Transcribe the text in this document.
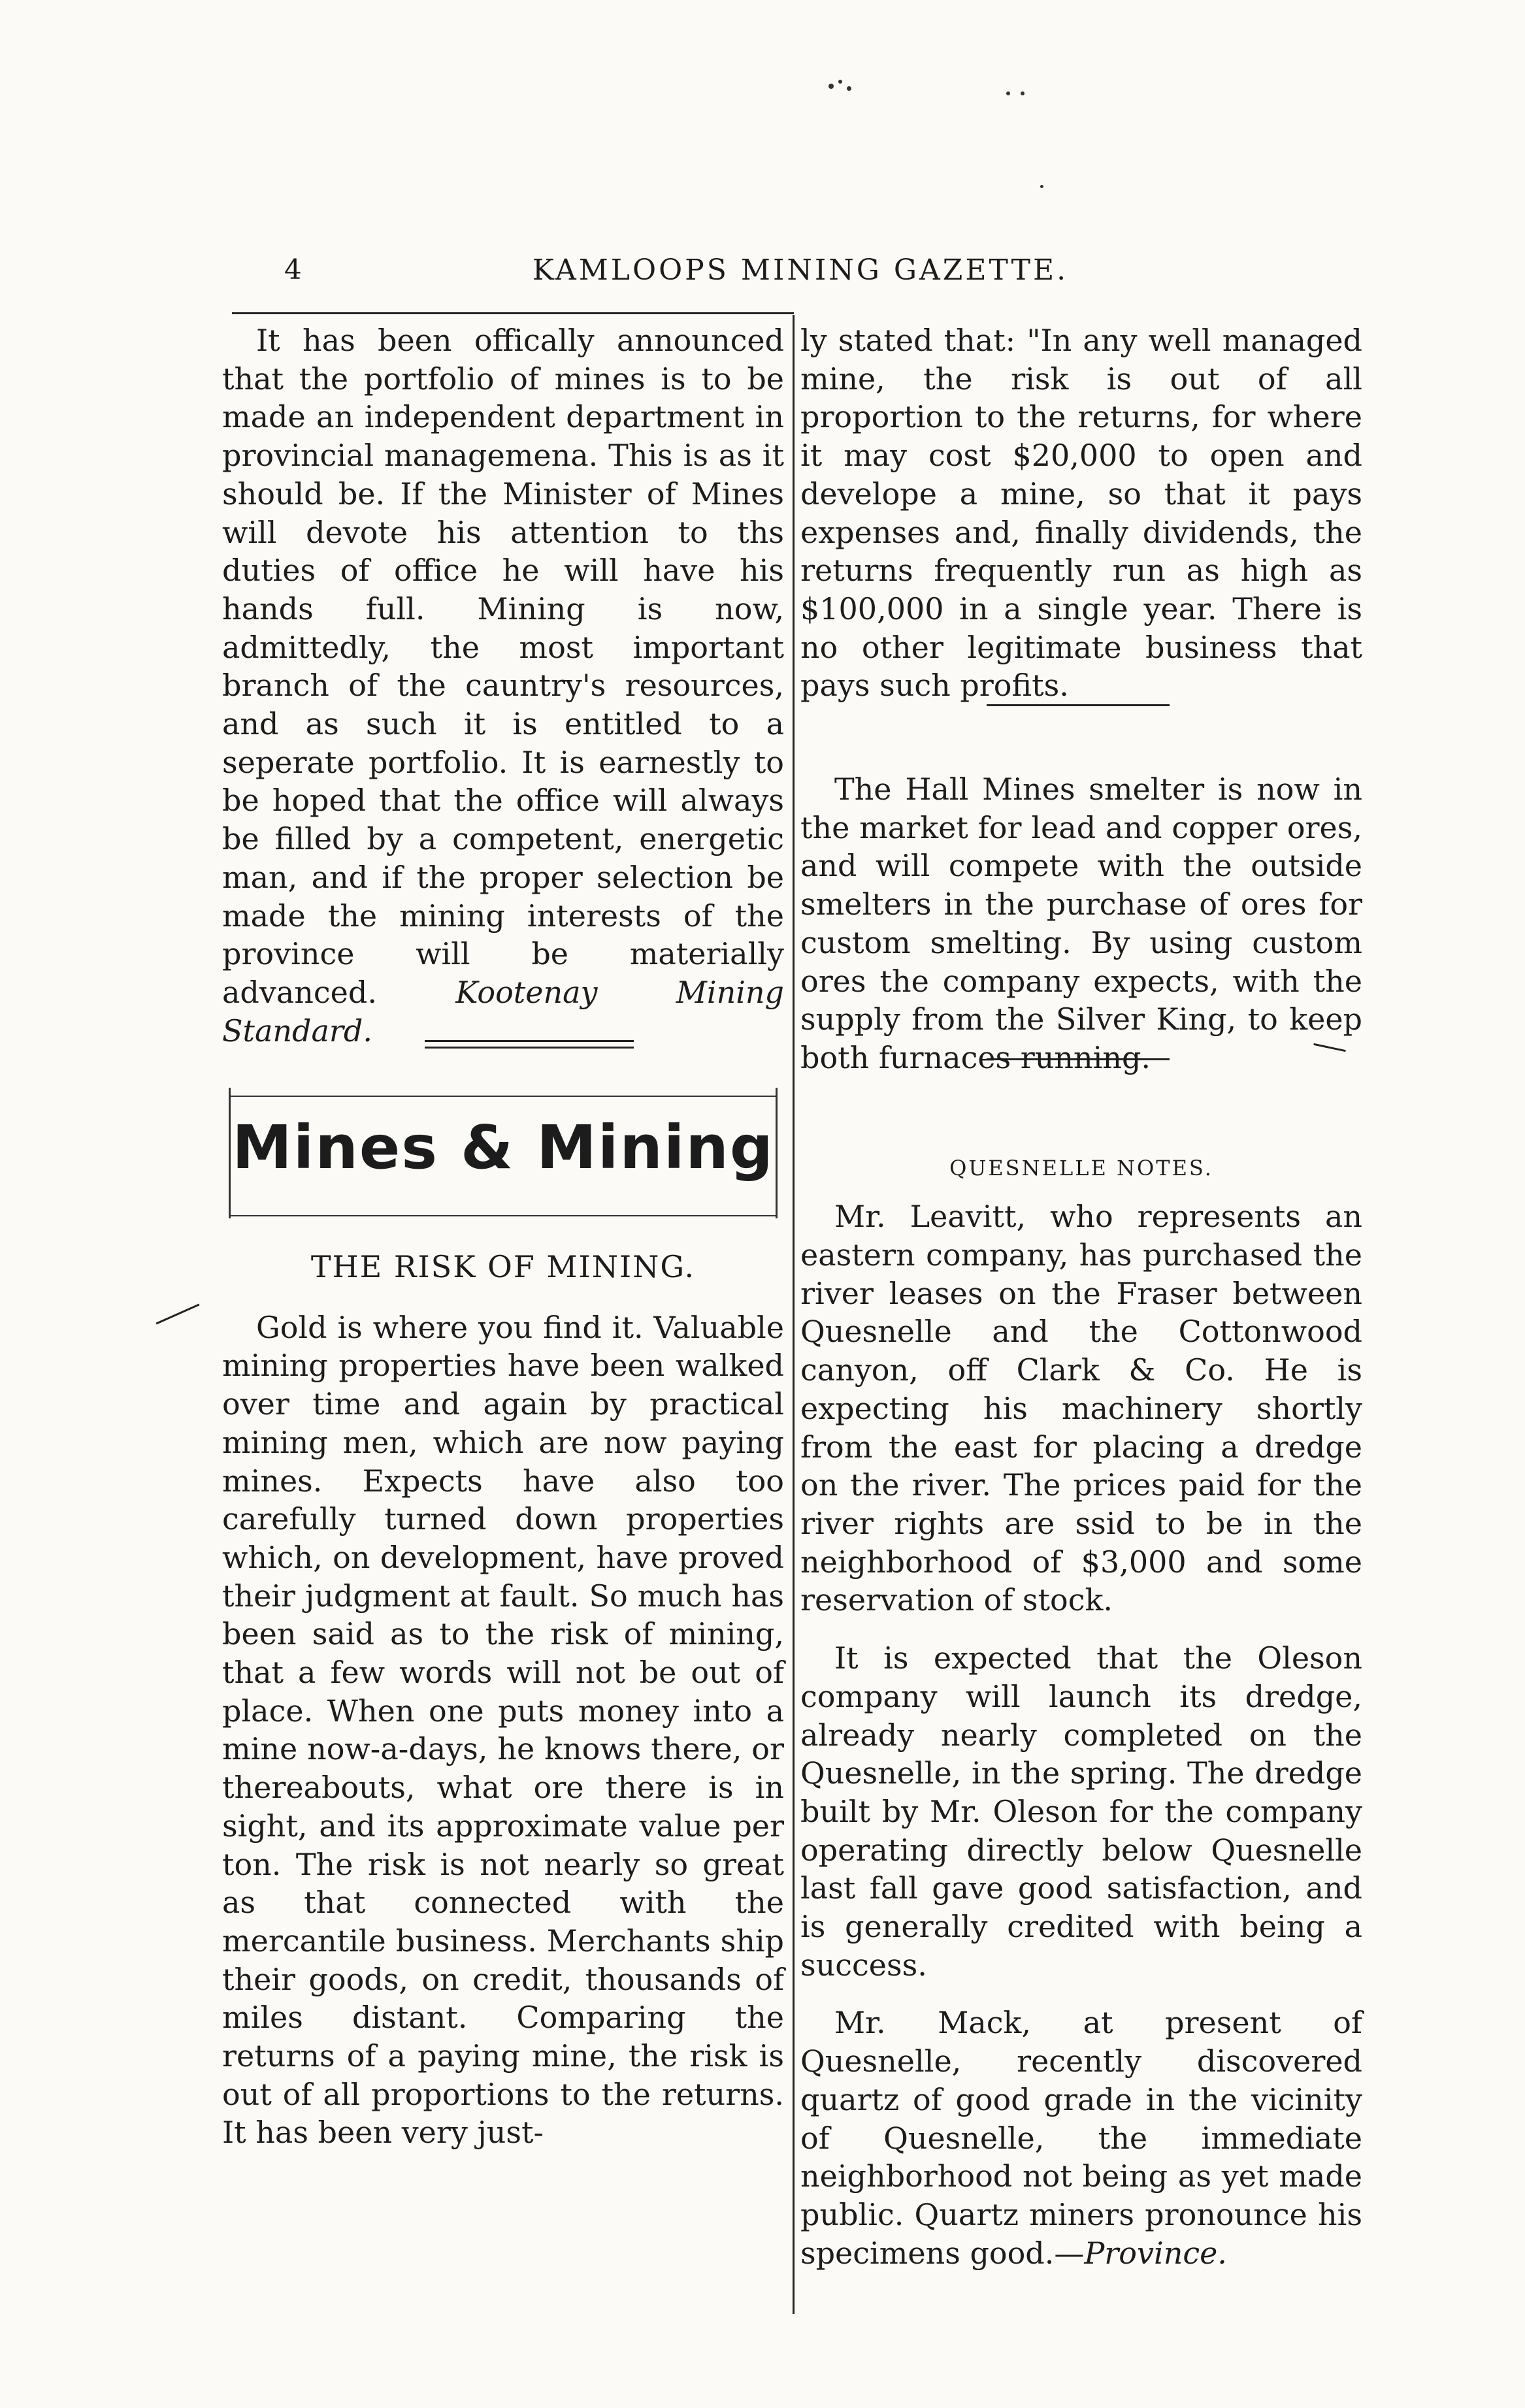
4	KAMLOOPS MINING GAZETTE.

It has been offically announced that the portfolio of mines is to be made an independent department in provincial managemena. This is as it should be. If the Minister of Mines will devote his attention to ths duties of office he will have his hands full. Mining is now, admittedly, the most important branch of the cauntry's resources, and as such it is entitled to a seperate portfolio. It is earnestly to be hoped that the office will always be filled by a competent, energetic man, and if the proper selection be made the mining interests of the province will be materially advanced.	Kootenay Mining Standard.

Mines & Mining
THE RISK OF MINING.

Gold is where you find it. Valuable mining properties have been walked over time and again by practical mining men, which are now paying mines. Expects have also too carefully turned down properties which, on development, have proved their judgment at fault. So much has been said as to the risk of mining, that a few words will not be out of place. When one puts money into a mine now-a-days, he knows there, or thereabouts, what ore there is in sight, and its approximate value per ton. The risk is not nearly so great as that connected with the mercantile business. Merchants ship their goods, on credit, thousands of miles distant. Comparing the returns of a paying mine, the risk is out of all proportions to the returns. It has been very just-

ly stated that: "In any well managed mine, the risk is out of all proportion to the returns, for where it may cost $20,000 to open and develope a mine, so that it pays expenses and, finally dividends, the returns frequently run as high as $100,000 in a single year. There is no other legitimate business that pays such profits.

The Hall Mines smelter is now in the market for lead and copper ores, and will compete with the outside smelters in the purchase of ores for custom smelting. By using custom ores the company expects, with the supply from the Silver King, to keep both furnaces running.

QUESNELLE NOTES.

Mr. Leavitt, who represents an eastern company, has purchased the river leases on the Fraser between Quesnelle and the Cottonwood canyon, off Clark & Co. He is expecting his machinery shortly from the east for placing a dredge on the river. The prices paid for the river rights are ssid to be in the neighborhood of $3,000 and some reservation of stock.

It is expected that the Oleson company will launch its dredge, already nearly completed on the Quesnelle, in the spring. The dredge built by Mr. Oleson for the company operating directly below Quesnelle last fall gave good satisfaction, and is generally credited with being a success.

Mr. Mack, at present of Quesnelle, recently discovered quartz of good grade in the vicinity of Quesnelle, the immediate neighborhood not being as yet made public. Quartz miners pronounce his specimens good.—Province.
